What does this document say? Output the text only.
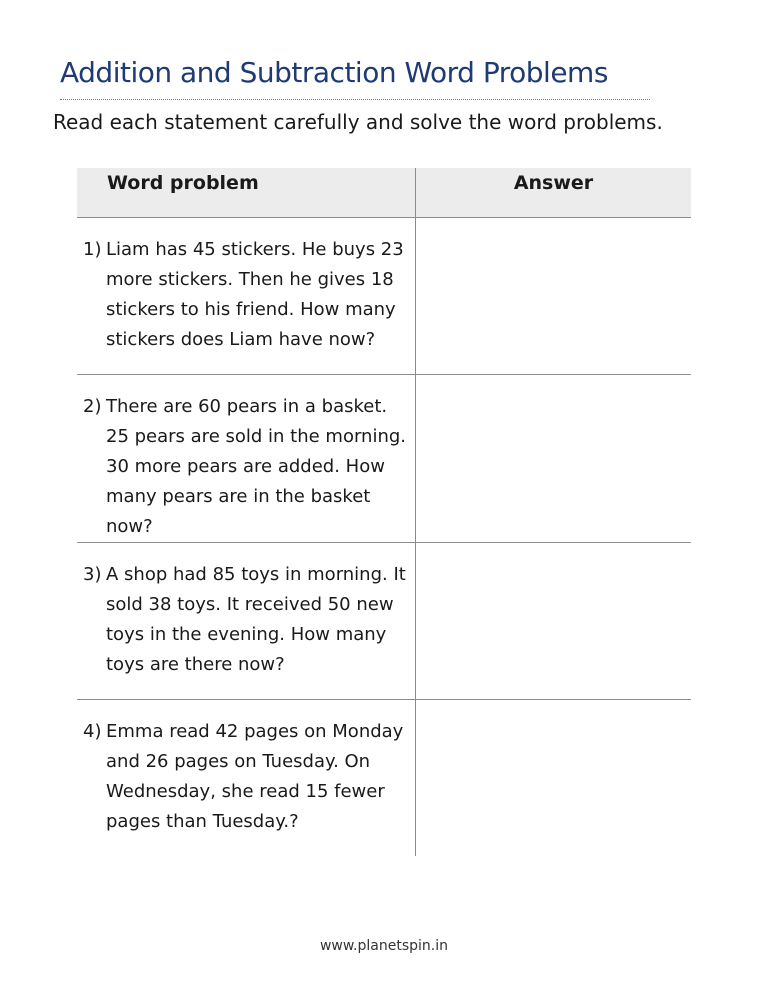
Addition and Subtraction Word Problems

Read each statement carefully and solve the word problems.

Word problem	Answer

1) Liam has 45 stickers. He buys 23 more stickers. Then he gives 18 stickers to his friend. How many stickers does Liam have now?	

2) There are 60 pears in a basket. 25 pears are sold in the morning. 30 more pears are added. How many pears are in the basket now?	

3) A shop had 85 toys in morning. It sold 38 toys. It received 50 new toys in the evening. How many toys are there now?	

4) Emma read 42 pages on Monday and 26 pages on Tuesday. On Wednesday, she read 15 fewer pages than Tuesday.?	

www.planetspin.in
